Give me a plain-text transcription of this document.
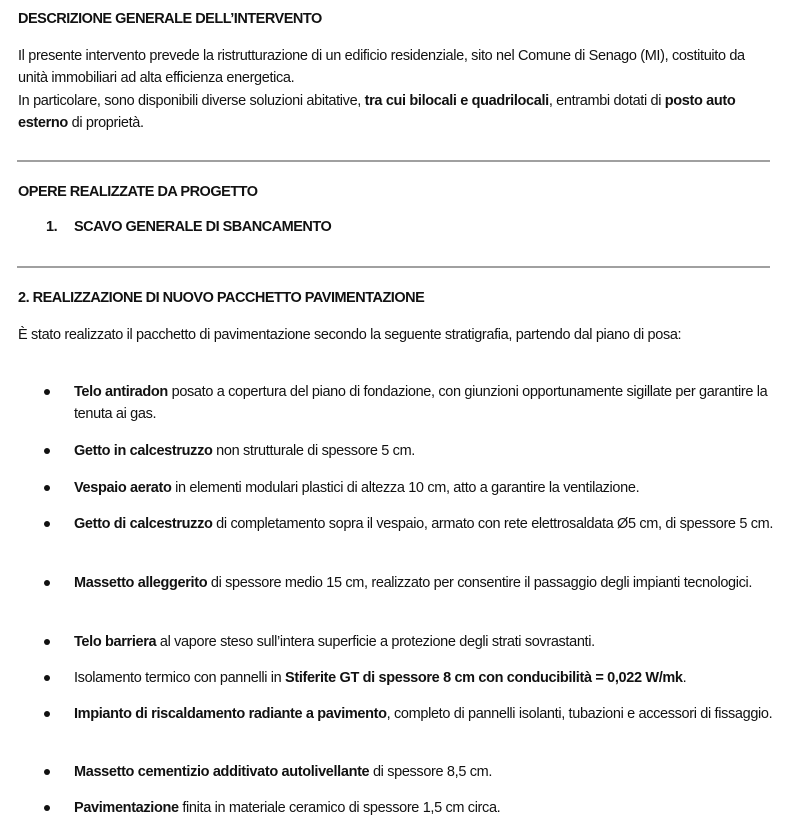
DESCRIZIONE GENERALE DELL’INTERVENTO
Il presente intervento prevede la ristrutturazione di un edificio residenziale, sito nel Comune di Senago (MI), costituito da unità immobiliari ad alta efficienza energetica.
In particolare, sono disponibili diverse soluzioni abitative, tra cui bilocali e quadrilocali, entrambi dotati di posto auto esterno di proprietà.
OPERE REALIZZATE DA PROGETTO
1. SCAVO GENERALE DI SBANCAMENTO
2. REALIZZAZIONE DI NUOVO PACCHETTO PAVIMENTAZIONE
È stato realizzato il pacchetto di pavimentazione secondo la seguente stratigrafia, partendo dal piano di posa:
Telo antiradon posato a copertura del piano di fondazione, con giunzioni opportunamente sigillate per garantire la tenuta ai gas.
Getto in calcestruzzo non strutturale di spessore 5 cm.
Vespaio aerato in elementi modulari plastici di altezza 10 cm, atto a garantire la ventilazione.
Getto di calcestruzzo di completamento sopra il vespaio, armato con rete elettrosaldata Ø5 cm, di spessore 5 cm.
Massetto alleggerito di spessore medio 15 cm, realizzato per consentire il passaggio degli impianti tecnologici.
Telo barriera al vapore steso sull’intera superficie a protezione degli strati sovrastanti.
Isolamento termico con pannelli in Stiferite GT di spessore 8 cm con conducibilità = 0,022 W/mk.
Impianto di riscaldamento radiante a pavimento, completo di pannelli isolanti, tubazioni e accessori di fissaggio.
Massetto cementizio additivato autolivellante di spessore 8,5 cm.
Pavimentazione finita in materiale ceramico di spessore 1,5 cm circa.
